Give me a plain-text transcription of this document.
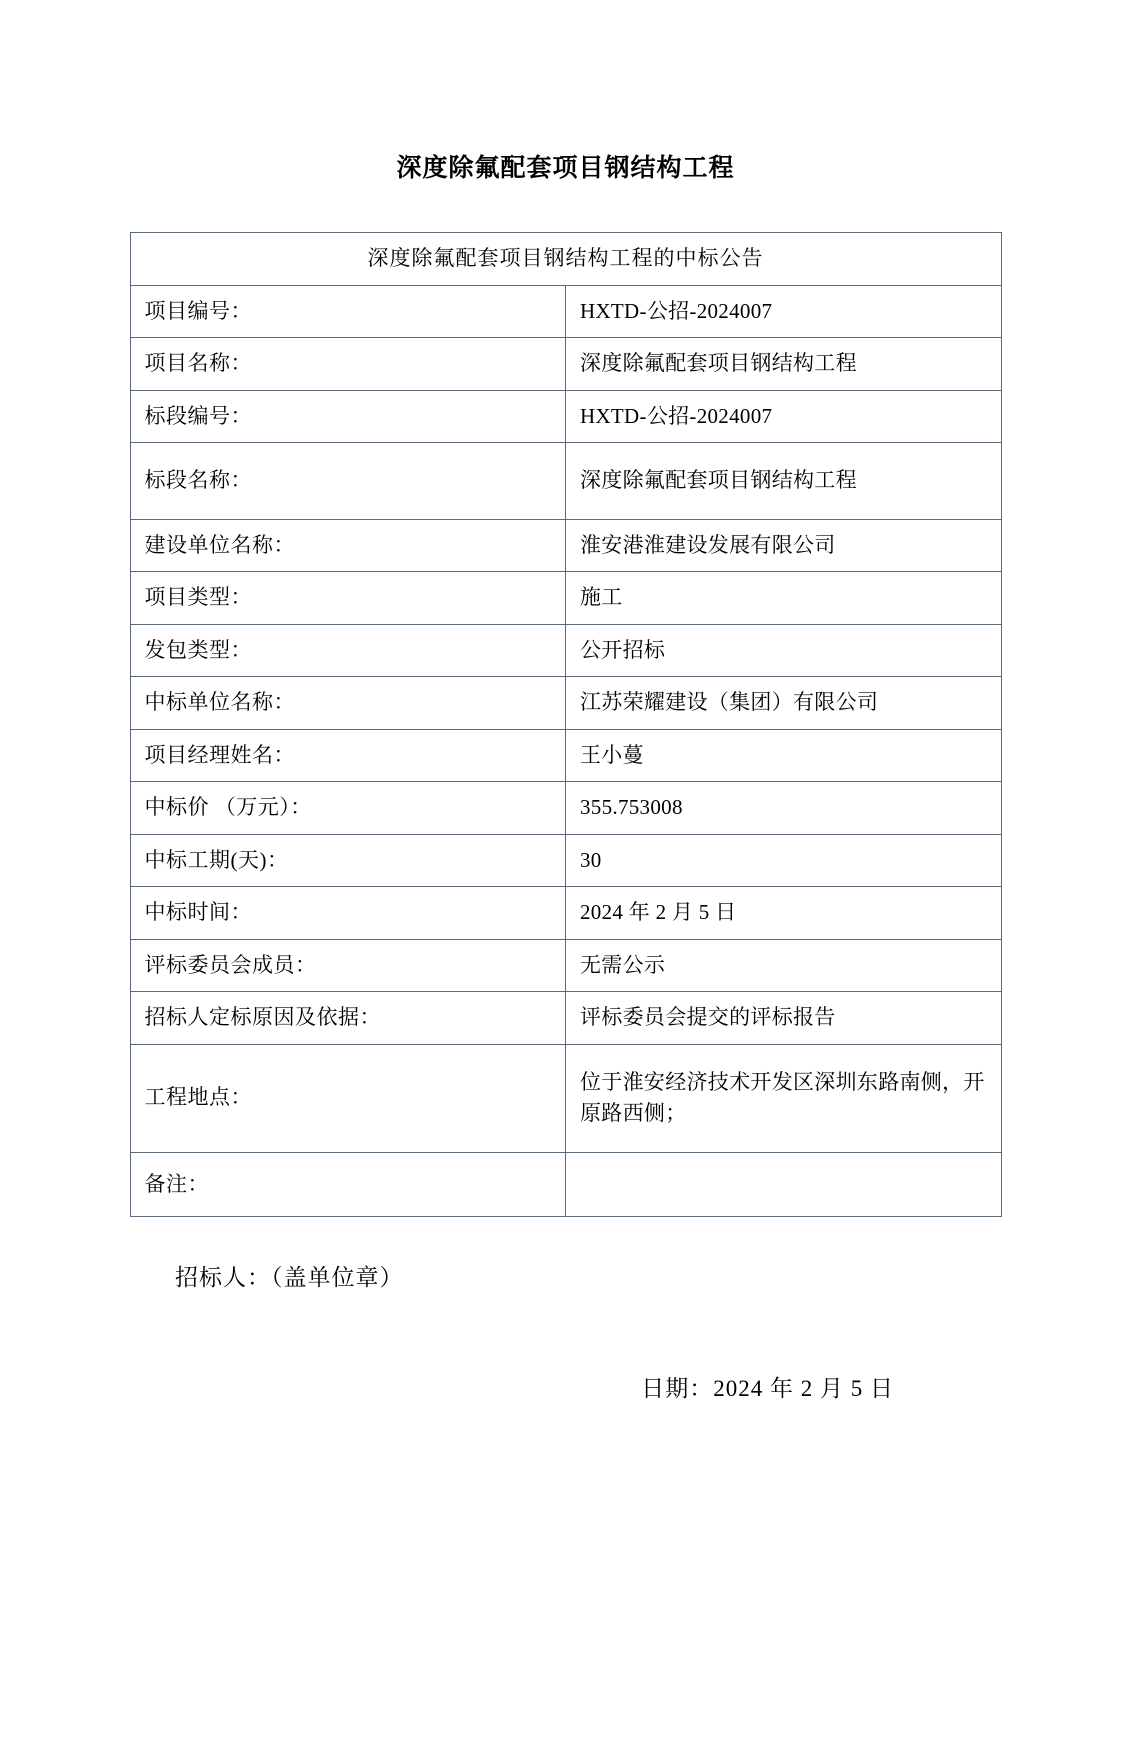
深度除氟配套项目钢结构工程
深度除氟配套项目钢结构工程的中标公告	
项目编号：	HXTD-公招-2024007
项目名称：	深度除氟配套项目钢结构工程
标段编号：	HXTD-公招-2024007
标段名称：	深度除氟配套项目钢结构工程
建设单位名称：	淮安港淮建设发展有限公司
项目类型：	施工
发包类型：	公开招标
中标单位名称：	江苏荣耀建设（集团）有限公司
项目经理姓名：	王小蔓
中标价 （万元）：	355.753008
中标工期(天)：	30
中标时间：	2024 年 2 月 5 日
评标委员会成员：	无需公示
招标人定标原因及依据：	评标委员会提交的评标报告
工程地点：	位于淮安经济技术开发区深圳东路南侧，开原路西侧；
备注：	
招标人：（盖单位章）
日期：2024 年 2 月 5 日
